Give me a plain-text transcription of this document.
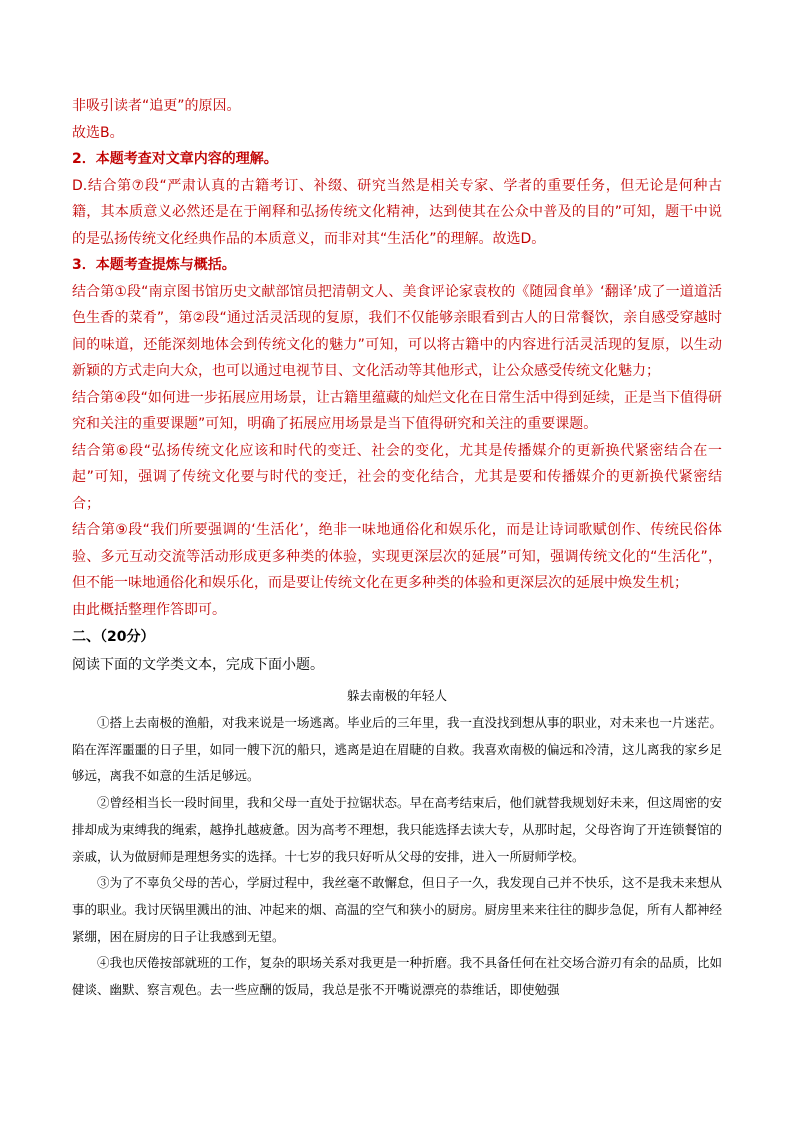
非吸引读者“追更”的原因。

故选B。

2．本题考查对文章内容的理解。

D.结合第⑦段“严肃认真的古籍考订、补缀、研究当然是相关专家、学者的重要任务，但无论是何种古籍，其本质意义必然还是在于阐释和弘扬传统文化精神，达到使其在公众中普及的目的”可知，题干中说的是弘扬传统文化经典作品的本质意义，而非对其“生活化”的理解。故选D。

3．本题考查提炼与概括。

结合第①段“南京图书馆历史文献部馆员把清朝文人、美食评论家袁枚的《随园食单》‘翻译’成了一道道活色生香的菜肴”，第②段“通过活灵活现的复原，我们不仅能够亲眼看到古人的日常餐饮，亲自感受穿越时间的味道，还能深刻地体会到传统文化的魅力”可知，可以将古籍中的内容进行活灵活现的复原，以生动新颖的方式走向大众，也可以通过电视节目、文化活动等其他形式，让公众感受传统文化魅力；

结合第④段“如何进一步拓展应用场景，让古籍里蕴藏的灿烂文化在日常生活中得到延续，正是当下值得研究和关注的重要课题”可知，明确了拓展应用场景是当下值得研究和关注的重要课题。

结合第⑥段“弘扬传统文化应该和时代的变迁、社会的变化，尤其是传播媒介的更新换代紧密结合在一起”可知，强调了传统文化要与时代的变迁，社会的变化结合，尤其是要和传播媒介的更新换代紧密结合；

结合第⑨段“我们所要强调的‘生活化’，绝非一味地通俗化和娱乐化，而是让诗词歌赋创作、传统民俗体验、多元互动交流等活动形成更多种类的体验，实现更深层次的延展”可知，强调传统文化的“生活化”，但不能一味地通俗化和娱乐化，而是要让传统文化在更多种类的体验和更深层次的延展中焕发生机；

由此概括整理作答即可。

二、（20分）

阅读下面的文学类文本，完成下面小题。

躲去南极的年轻人

①搭上去南极的渔船，对我来说是一场逃离。毕业后的三年里，我一直没找到想从事的职业，对未来也一片迷茫。陷在浑浑噩噩的日子里，如同一艘下沉的船只，逃离是迫在眉睫的自救。我喜欢南极的偏远和冷清，这儿离我的家乡足够远，离我不如意的生活足够远。

②曾经相当长一段时间里，我和父母一直处于拉锯状态。早在高考结束后，他们就替我规划好未来，但这周密的安排却成为束缚我的绳索，越挣扎越疲惫。因为高考不理想，我只能选择去读大专，从那时起，父母咨询了开连锁餐馆的亲戚，认为做厨师是理想务实的选择。十七岁的我只好听从父母的安排，进入一所厨师学校。

③为了不辜负父母的苦心，学厨过程中，我丝毫不敢懈怠，但日子一久，我发现自己并不快乐，这不是我未来想从事的职业。我讨厌锅里溅出的油、冲起来的烟、高温的空气和狭小的厨房。厨房里来来往往的脚步急促，所有人都神经紧绷，困在厨房的日子让我感到无望。

④我也厌倦按部就班的工作，复杂的职场关系对我更是一种折磨。我不具备任何在社交场合游刃有余的品质，比如健谈、幽默、察言观色。去一些应酬的饭局，我总是张不开嘴说漂亮的恭维话，即使勉强
